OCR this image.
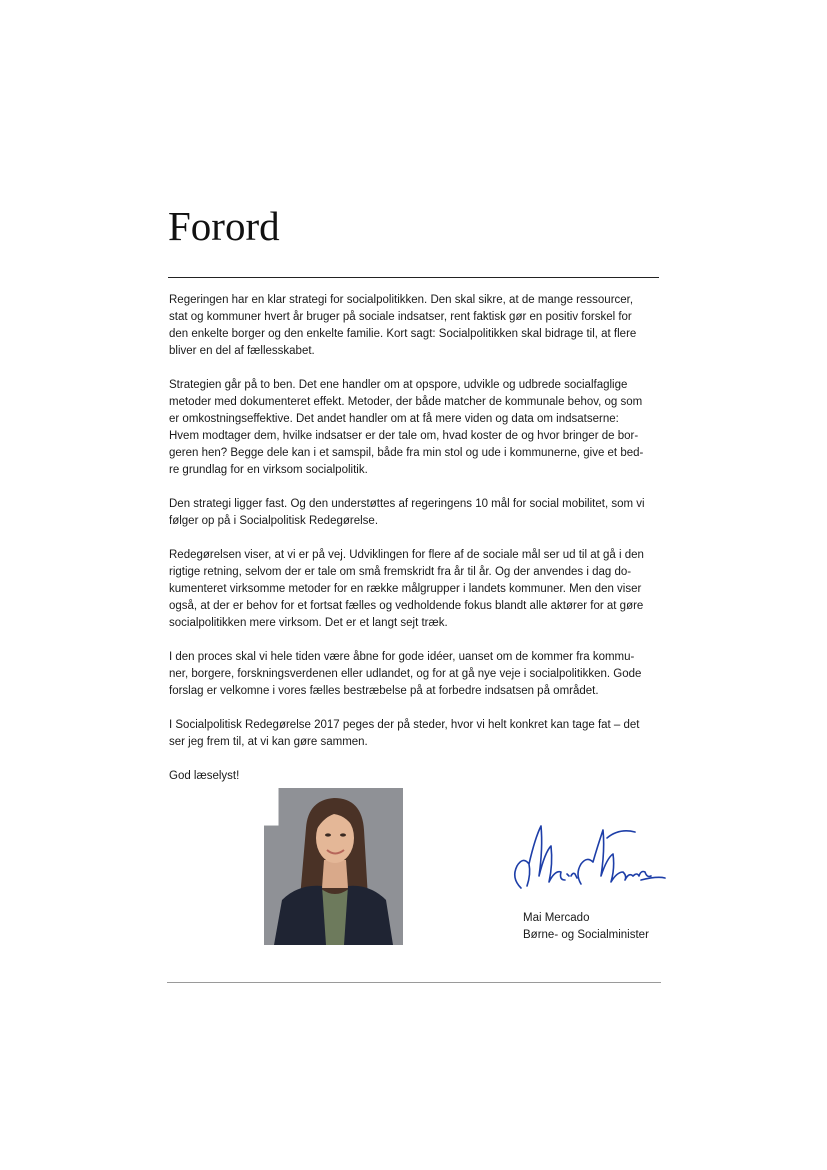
Forord

Regeringen har en klar strategi for socialpolitikken. Den skal sikre, at de mange ressourcer,
stat og kommuner hvert år bruger på sociale indsatser, rent faktisk gør en positiv forskel for
den enkelte borger og den enkelte familie. Kort sagt: Socialpolitikken skal bidrage til, at flere
bliver en del af fællesskabet.

Strategien går på to ben. Det ene handler om at opspore, udvikle og udbrede socialfaglige
metoder med dokumenteret effekt. Metoder, der både matcher de kommunale behov, og som
er omkostningseffektive. Det andet handler om at få mere viden og data om indsatserne:
Hvem modtager dem, hvilke indsatser er der tale om, hvad koster de og hvor bringer de bor-
geren hen? Begge dele kan i et samspil, både fra min stol og ude i kommunerne, give et bed-
re grundlag for en virksom socialpolitik.

Den strategi ligger fast. Og den understøttes af regeringens 10 mål for social mobilitet, som vi
følger op på i Socialpolitisk Redegørelse.

Redegørelsen viser, at vi er på vej. Udviklingen for flere af de sociale mål ser ud til at gå i den
rigtige retning, selvom der er tale om små fremskridt fra år til år. Og der anvendes i dag do-
kumenteret virksomme metoder for en række målgrupper i landets kommuner. Men den viser
også, at der er behov for et fortsat fælles og vedholdende fokus blandt alle aktører for at gøre
socialpolitikken mere virksom. Det er et langt sejt træk.

I den proces skal vi hele tiden være åbne for gode idéer, uanset om de kommer fra kommu-
ner, borgere, forskningsverdenen eller udlandet, og for at gå nye veje i socialpolitikken. Gode
forslag er velkomne i vores fælles bestræbelse på at forbedre indsatsen på området.

I Socialpolitisk Redegørelse 2017 peges der på steder, hvor vi helt konkret kan tage fat – det
ser jeg frem til, at vi kan gøre sammen.

God læselyst!

Mai Mercado

Børne- og Socialminister
